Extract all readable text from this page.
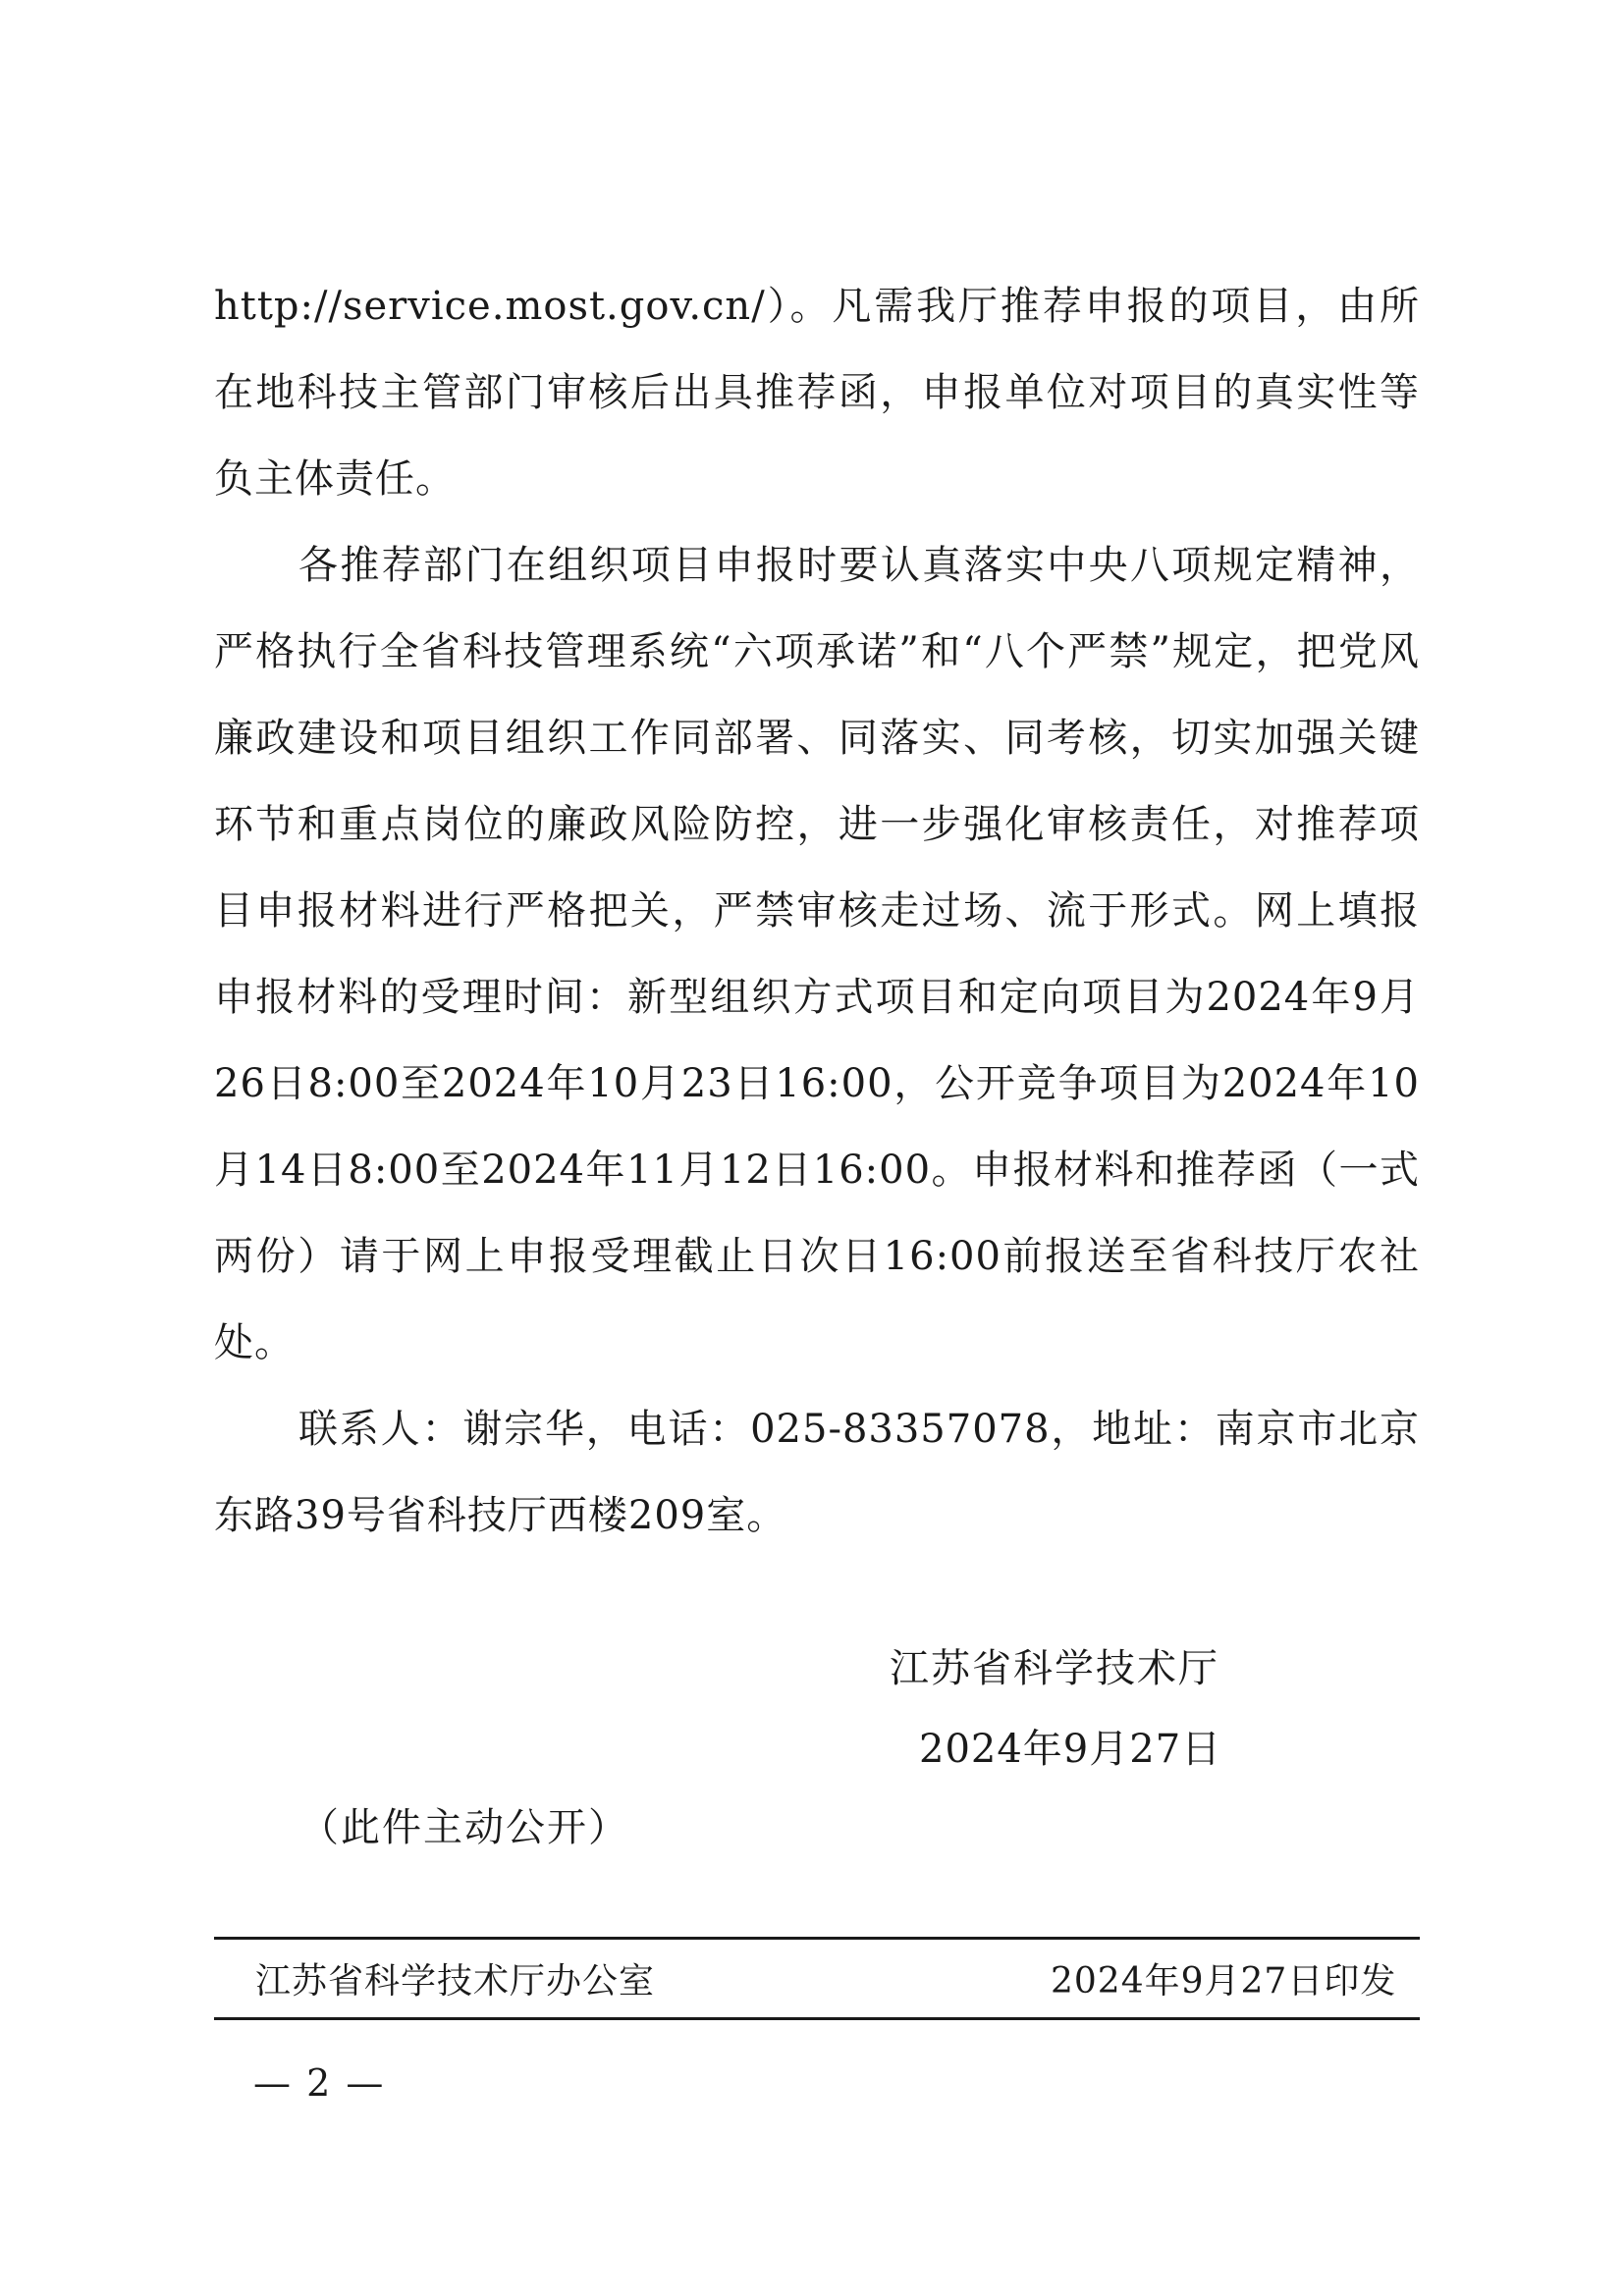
http://service.most.gov.cn/）。凡需我厅推荐申报的项目，由所在地科技主管部门审核后出具推荐函，申报单位对项目的真实性等负主体责任。

各推荐部门在组织项目申报时要认真落实中央八项规定精神，严格执行全省科技管理系统“六项承诺”和“八个严禁”规定，把党风廉政建设和项目组织工作同部署、同落实、同考核，切实加强关键环节和重点岗位的廉政风险防控，进一步强化审核责任，对推荐项目申报材料进行严格把关，严禁审核走过场、流于形式。网上填报申报材料的受理时间：新型组织方式项目和定向项目为2024年9月26日8:00至2024年10月23日16:00，公开竞争项目为2024年10月14日8:00至2024年11月12日16:00。申报材料和推荐函（一式两份）请于网上申报受理截止日次日16:00前报送至省科技厅农社处。

联系人：谢宗华，电话：025-83357078，地址：南京市北京东路39号省科技厅西楼209室。

江苏省科学技术厅
2024年9月27日
（此件主动公开）
江苏省科学技术厅办公室	2024年9月27日印发
— 2 —
